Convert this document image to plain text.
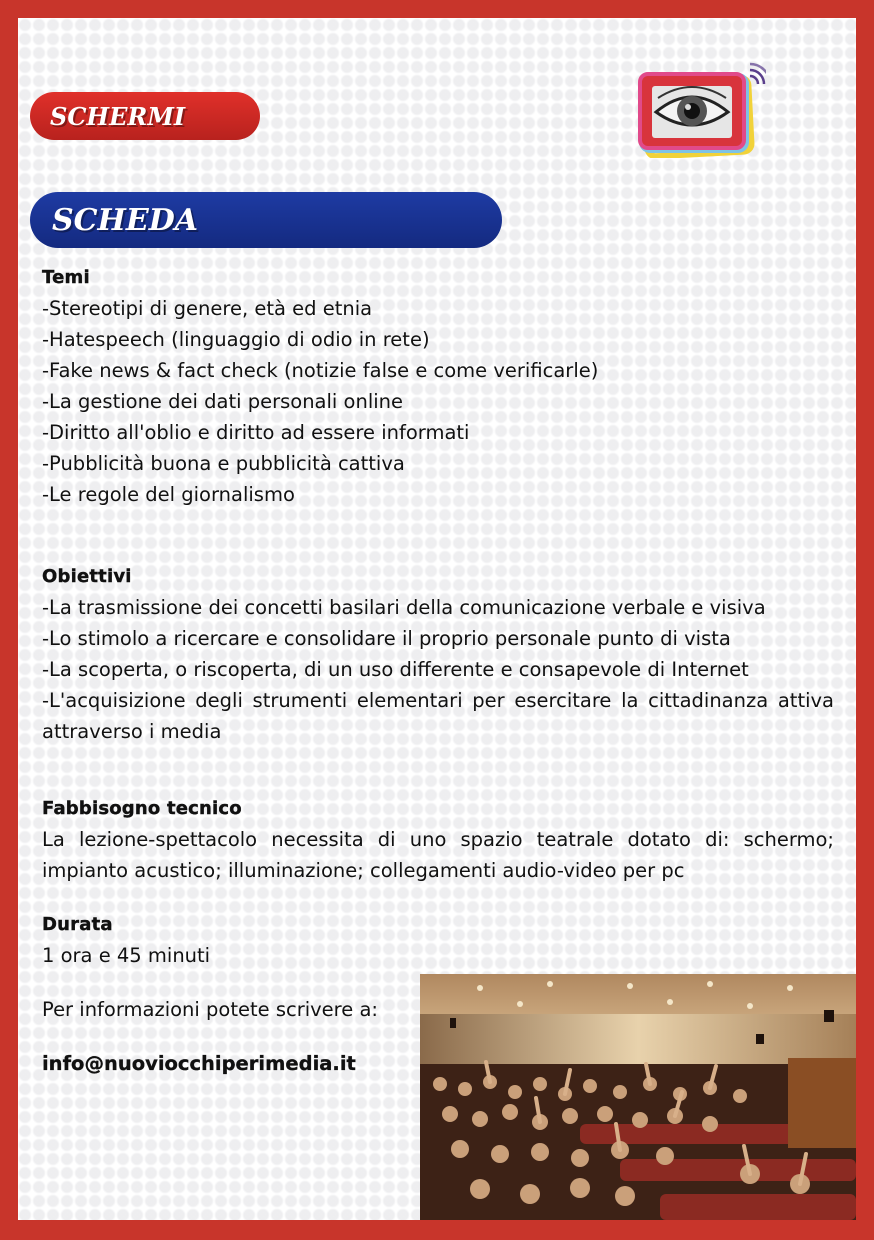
SCHERMI
SCHEDA
Temi
-Stereotipi di genere, età ed etnia
-Hatespeech (linguaggio di odio in rete)
-Fake news & fact check (notizie false e come verificarle)
-La gestione dei dati personali online
-Diritto all'oblio e diritto ad essere informati
-Pubblicità buona e pubblicità cattiva
-Le regole del giornalismo
Obiettivi
-La trasmissione dei concetti basilari della comunicazione verbale e visiva
-Lo stimolo a ricercare e consolidare il proprio personale punto di vista
-La scoperta, o riscoperta, di un uso differente e consapevole di Internet
-L'acquisizione degli strumenti elementari per esercitare la cittadinanza attiva attraverso i media
Fabbisogno tecnico
La lezione-spettacolo necessita di uno spazio teatrale dotato di: schermo; impianto acustico; illuminazione; collegamenti audio-video per pc
Durata
1 ora e 45 minuti
Per informazioni potete scrivere a:
info@nuoviocchiperimedia.it
